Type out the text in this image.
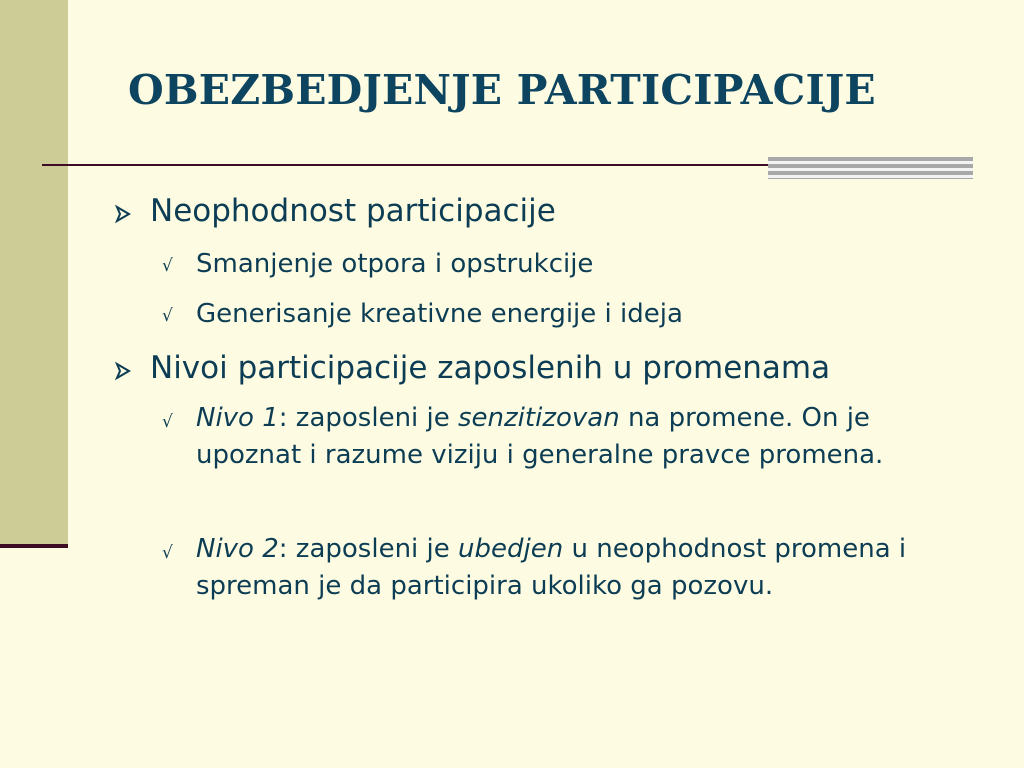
OBEZBEDJENJE PARTICIPACIJE
Neophodnost participacije
√ Smanjenje otpora i opstrukcije
√ Generisanje kreativne energije i ideja
Nivoi participacije zaposlenih u promenama
√ Nivo 1: zaposleni je senzitizovan na promene. On je upoznat i razume viziju i generalne pravce promena.
√ Nivo 2: zaposleni je ubedjen u neophodnost promena i spreman je da participira ukoliko ga pozovu.
